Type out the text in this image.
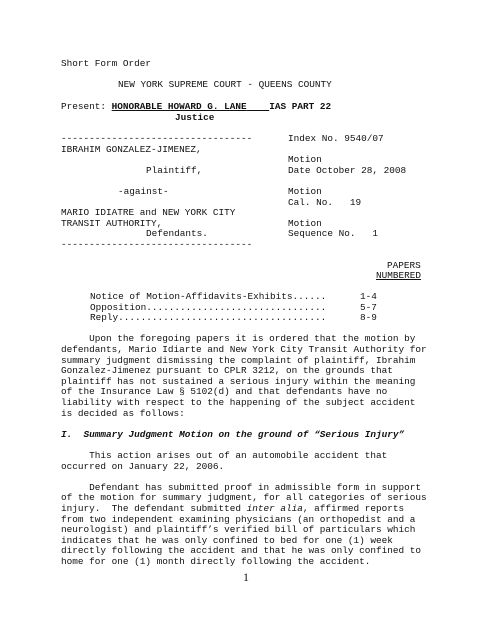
Short Form Order
NEW YORK SUPREME COURT - QUEENS COUNTY
Present: HONORABLE HOWARD G. LANE IAS PART 22
Justice
----------------------------------
IBRAHIM GONZALEZ-JIMENEZ,
Plaintiff,
-against-
MARIO IDIATRE and NEW YORK CITY
TRANSIT AUTHORITY,
Defendants.
----------------------------------
Index No. 9540/07
Motion
Date October 28, 2008
Motion
Cal. No.   19
Motion
Sequence No.   1
PAPERS
NUMBERED
Notice of Motion-Affidavits-Exhibits......	1-4
Opposition................................	5-7
Reply.....................................	8-9
Upon the foregoing papers it is ordered that the motion by
defendants, Mario Idiarte and New York City Transit Authority for
summary judgment dismissing the complaint of plaintiff, Ibrahim
Gonzalez-Jimenez pursuant to CPLR 3212, on the grounds that
plaintiff has not sustained a serious injury within the meaning
of the Insurance Law § 5102(d) and that defendants have no
liability with respect to the happening of the subject accident
is decided as follows:
I.  Summary Judgment Motion on the ground of “Serious Injury”
This action arises out of an automobile accident that
occurred on January 22, 2006.
Defendant has submitted proof in admissible form in support
of the motion for summary judgment, for all categories of serious
injury.  The defendant submitted inter alia, affirmed reports
from two independent examining physicians (an orthopedist and a
neurologist) and plaintiff’s verified bill of particulars which
indicates that he was only confined to bed for one (1) week
directly following the accident and that he was only confined to
home for one (1) month directly following the accident.
1
